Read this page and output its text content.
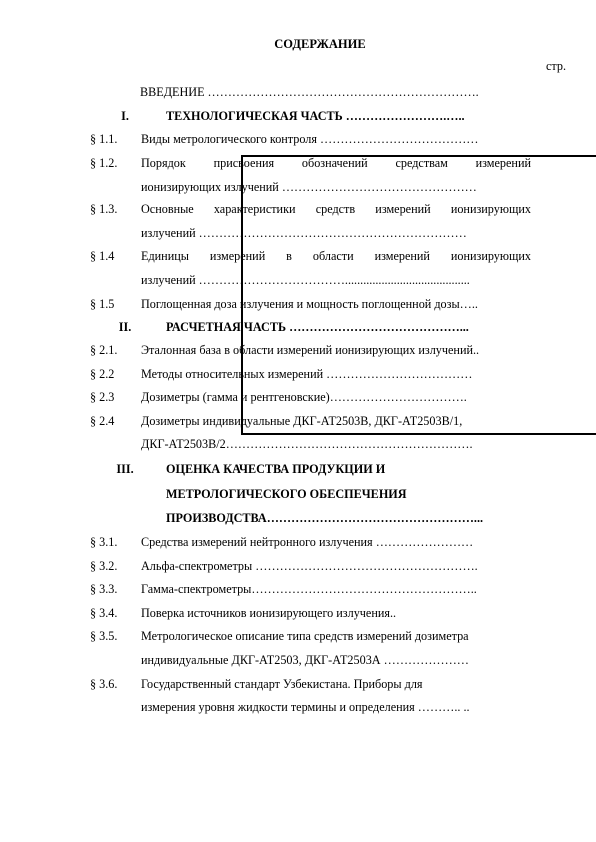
СОДЕРЖАНИЕ
стр.
ВВЕДЕНИЕ ………………………………………………………….
I.	ТЕХНОЛОГИЧЕСКАЯ ЧАСТЬ …………………….…..
§ 1.1. Виды метрологического контроля …………………………………
§ 1.2. Порядок присвоения обозначений средствам измерений
ионизирующих излучений …………………………………………
§ 1.3. Основные характеристики средств измерений ионизирующих
излучений …………………………………………………………
§ 1.4 Единицы измерений в области измерений ионизирующих
излучений ……………………………….........................................
§ 1.5 Поглощенная доза излучения и мощность поглощенной дозы…..
II.	РАСЧЕТНАЯ ЧАСТЬ ……………………………………...
§ 2.1. Эталонная база в области измерений ионизирующих излучений..
§ 2.2 Методы относительных измерений ………………………………
§ 2.3 Дозиметры (гамма и рентгеновские)…………………………….
§ 2.4 Дозиметры индивидуальные ДКГ-АТ2503В, ДКГ-АТ2503В/1,
ДКГ-АТ2503В/2…………………………………………………….
III.	ОЦЕНКА КАЧЕСТВА ПРОДУКЦИИ И
МЕТРОЛОГИЧЕСКОГО ОБЕСПЕЧЕНИЯ
ПРОИЗВОДСТВА……………………………………………...
§ 3.1. Средства измерений нейтронного излучения ……………………
§ 3.2. Альфа-спектрометры ……………………………………………….
§ 3.3. Гамма-спектрометры………………………………………………..
§ 3.4. Поверка источников ионизирующего излучения..
§ 3.5. Метрологическое описание типа средств измерений дозиметра
индивидуальные ДКГ-АТ2503, ДКГ-АТ2503А …………………
§ 3.6. Государственный стандарт Узбекистана. Приборы для
измерения уровня жидкости термины и определения ……….. ..
